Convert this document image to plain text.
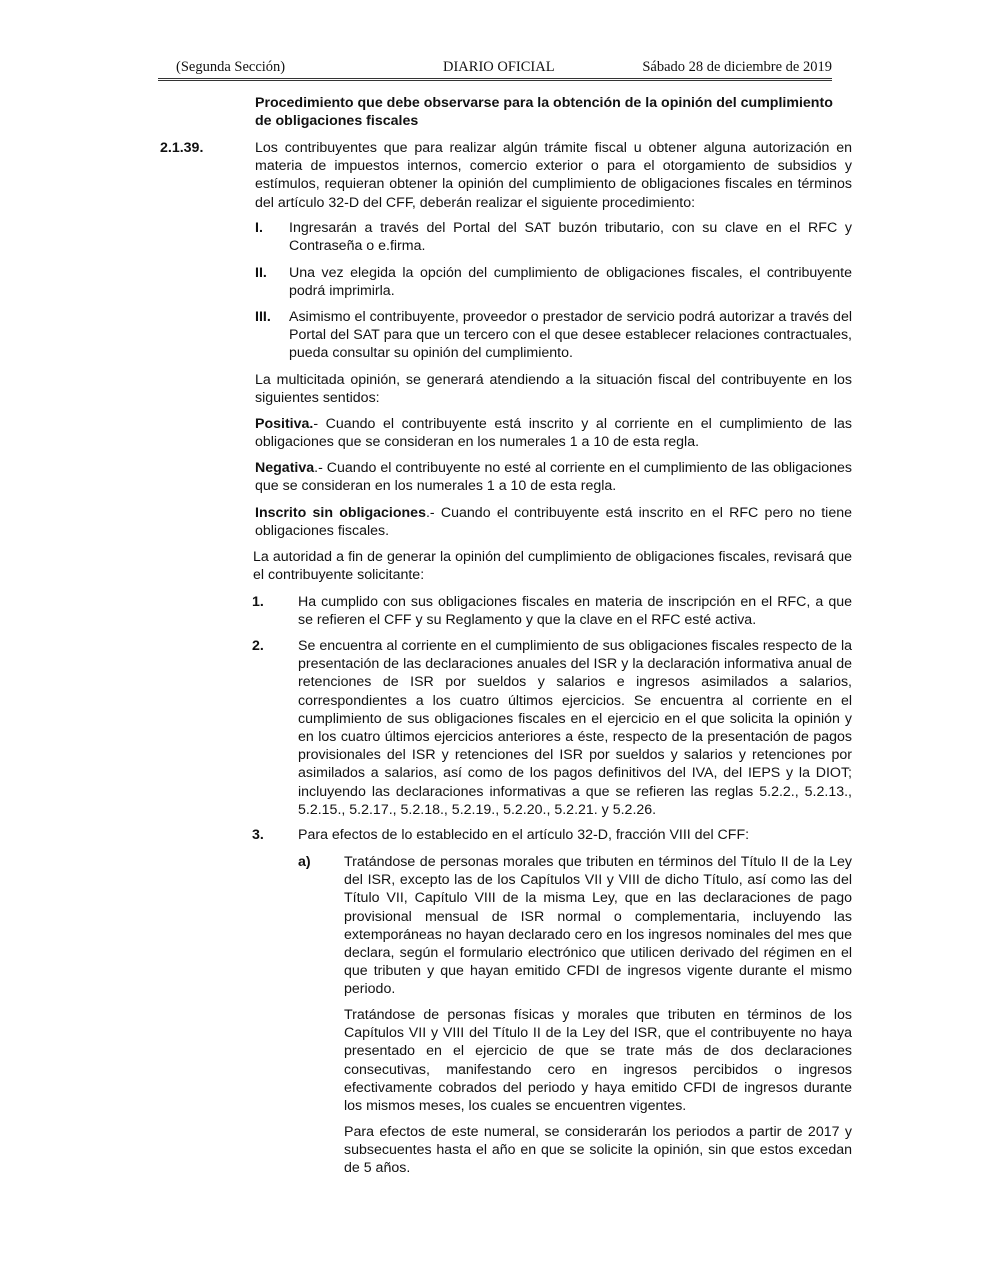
(Segunda Sección)	DIARIO OFICIAL	Sábado 28 de diciembre de 2019
Procedimiento que debe observarse para la obtención de la opinión del cumplimiento de obligaciones fiscales
2.1.39.	Los contribuyentes que para realizar algún trámite fiscal u obtener alguna autorización en materia de impuestos internos, comercio exterior o para el otorgamiento de subsidios y estímulos, requieran obtener la opinión del cumplimiento de obligaciones fiscales en términos del artículo 32-D del CFF, deberán realizar el siguiente procedimiento:
I. Ingresarán a través del Portal del SAT buzón tributario, con su clave en el RFC y Contraseña o e.firma.
II. Una vez elegida la opción del cumplimiento de obligaciones fiscales, el contribuyente podrá imprimirla.
III. Asimismo el contribuyente, proveedor o prestador de servicio podrá autorizar a través del Portal del SAT para que un tercero con el que desee establecer relaciones contractuales, pueda consultar su opinión del cumplimiento.
La multicitada opinión, se generará atendiendo a la situación fiscal del contribuyente en los siguientes sentidos:
Positiva.- Cuando el contribuyente está inscrito y al corriente en el cumplimiento de las obligaciones que se consideran en los numerales 1 a 10 de esta regla.
Negativa.- Cuando el contribuyente no esté al corriente en el cumplimiento de las obligaciones que se consideran en los numerales 1 a 10 de esta regla.
Inscrito sin obligaciones.- Cuando el contribuyente está inscrito en el RFC pero no tiene obligaciones fiscales.
La autoridad a fin de generar la opinión del cumplimiento de obligaciones fiscales, revisará que el contribuyente solicitante:
1. Ha cumplido con sus obligaciones fiscales en materia de inscripción en el RFC, a que se refieren el CFF y su Reglamento y que la clave en el RFC esté activa.
2. Se encuentra al corriente en el cumplimiento de sus obligaciones fiscales respecto de la presentación de las declaraciones anuales del ISR y la declaración informativa anual de retenciones de ISR por sueldos y salarios e ingresos asimilados a salarios, correspondientes a los cuatro últimos ejercicios. Se encuentra al corriente en el cumplimiento de sus obligaciones fiscales en el ejercicio en el que solicita la opinión y en los cuatro últimos ejercicios anteriores a éste, respecto de la presentación de pagos provisionales del ISR y retenciones del ISR por sueldos y salarios y retenciones por asimilados a salarios, así como de los pagos definitivos del IVA, del IEPS y la DIOT; incluyendo las declaraciones informativas a que se refieren las reglas 5.2.2., 5.2.13., 5.2.15., 5.2.17., 5.2.18., 5.2.19., 5.2.20., 5.2.21. y 5.2.26.
3. Para efectos de lo establecido en el artículo 32-D, fracción VIII del CFF:
a) Tratándose de personas morales que tributen en términos del Título II de la Ley del ISR, excepto las de los Capítulos VII y VIII de dicho Título, así como las del Título VII, Capítulo VIII de la misma Ley, que en las declaraciones de pago provisional mensual de ISR normal o complementaria, incluyendo las extemporáneas no hayan declarado cero en los ingresos nominales del mes que declara, según el formulario electrónico que utilicen derivado del régimen en el que tributen y que hayan emitido CFDI de ingresos vigente durante el mismo periodo.
Tratándose de personas físicas y morales que tributen en términos de los Capítulos VII y VIII del Título II de la Ley del ISR, que el contribuyente no haya presentado en el ejercicio de que se trate más de dos declaraciones consecutivas, manifestando cero en ingresos percibidos o ingresos efectivamente cobrados del periodo y haya emitido CFDI de ingresos durante los mismos meses, los cuales se encuentren vigentes.
Para efectos de este numeral, se considerarán los periodos a partir de 2017 y subsecuentes hasta el año en que se solicite la opinión, sin que estos excedan de 5 años.
